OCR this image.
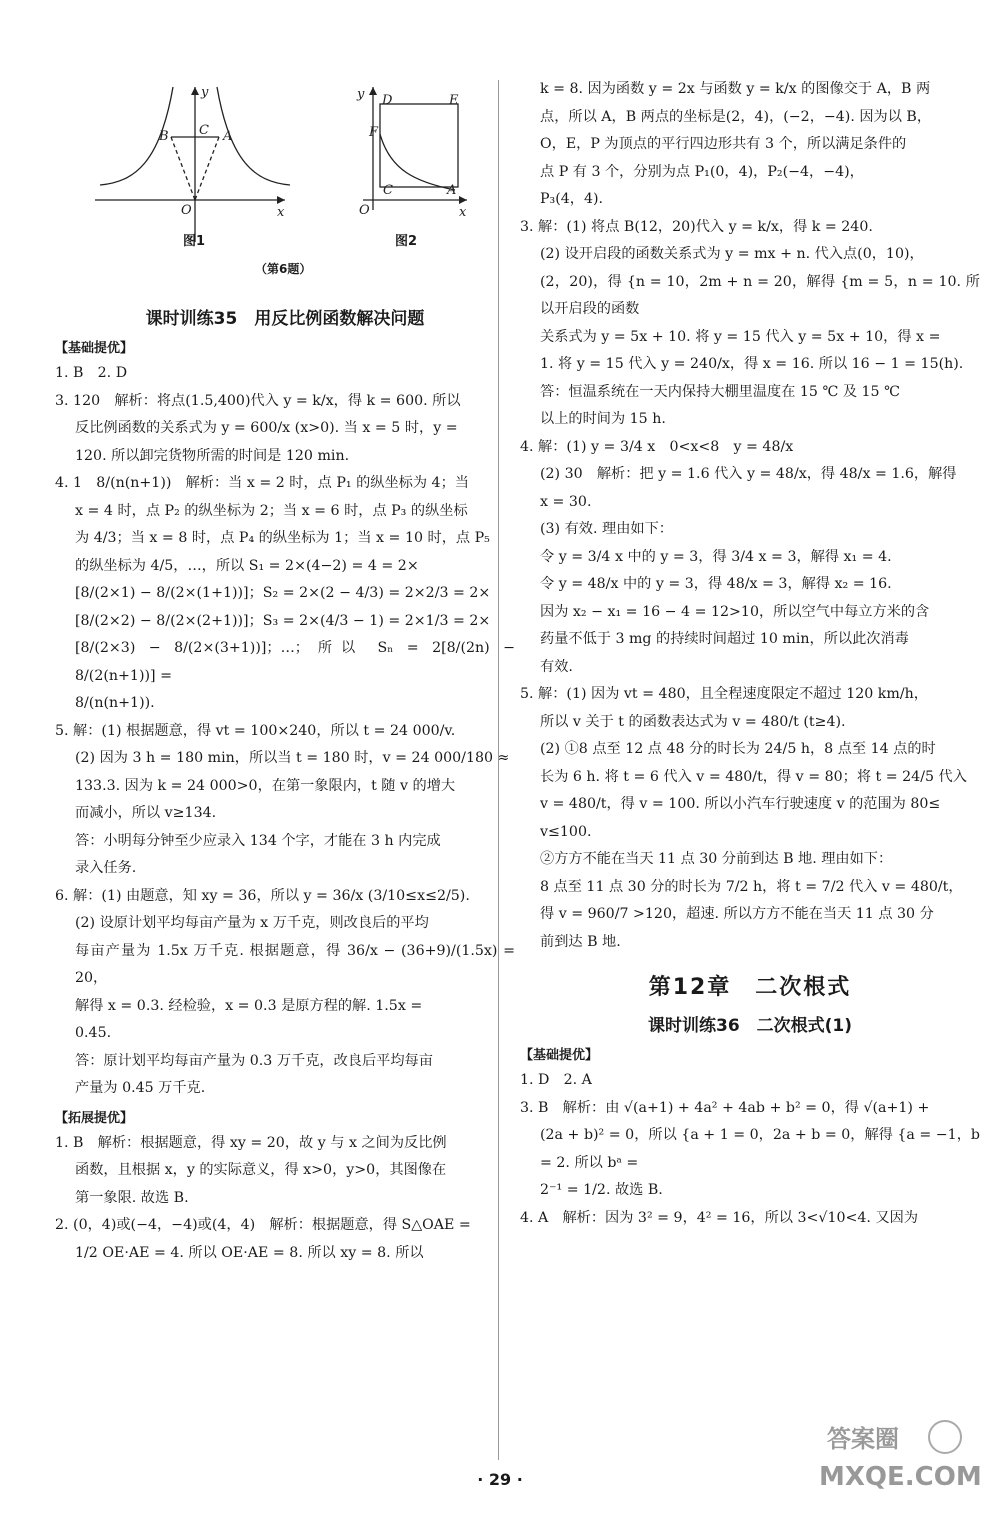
y
x
O
B C A
y
x
O
D	E
F
C	A
图1	图2
（第6题）
课时训练35　用反比例函数解决问题
【基础提优】
1. B　2. D
3. 120　解析：将点(1.5,400)代入 y = k/x，得 k = 600. 所以
反比例函数的关系式为 y = 600/x (x>0). 当 x = 5 时，y =
120. 所以卸完货物所需的时间是 120 min.
4. 1　8/(n(n+1))　解析：当 x = 2 时，点 P₁ 的纵坐标为 4；当
x = 4 时，点 P₂ 的纵坐标为 2；当 x = 6 时，点 P₃ 的纵坐标
为 4/3；当 x = 8 时，点 P₄ 的纵坐标为 1；当 x = 10 时，点 P₅
的纵坐标为 4/5，…，所以 S₁ = 2×(4−2) = 4 = 2×
[8/(2×1) − 8/(2×(1+1))]；S₂ = 2×(2 − 4/3) = 2×2/3 = 2×
[8/(2×2) − 8/(2×(2+1))]；S₃ = 2×(4/3 − 1) = 2×1/3 = 2×
[8/(2×3) − 8/(2×(3+1))]；…；所以 Sₙ = 2[8/(2n) − 8/(2(n+1))] =
8/(n(n+1)).
5. 解：(1) 根据题意，得 vt = 100×240，所以 t = 24 000/v.
(2) 因为 3 h = 180 min，所以当 t = 180 时，v = 24 000/180 ≈
133.3. 因为 k = 24 000>0，在第一象限内，t 随 v 的增大
而减小，所以 v≥134.
答：小明每分钟至少应录入 134 个字，才能在 3 h 内完成
录入任务.
6. 解：(1) 由题意，知 xy = 36，所以 y = 36/x (3/10≤x≤2/5).
(2) 设原计划平均每亩产量为 x 万千克，则改良后的平均
每亩产量为 1.5x 万千克. 根据题意，得 36/x − (36+9)/(1.5x) = 20，
解得 x = 0.3. 经检验，x = 0.3 是原方程的解. 1.5x =
0.45.
答：原计划平均每亩产量为 0.3 万千克，改良后平均每亩
产量为 0.45 万千克.
【拓展提优】
1. B　解析：根据题意，得 xy = 20，故 y 与 x 之间为反比例
函数，且根据 x，y 的实际意义，得 x>0，y>0，其图像在
第一象限. 故选 B.
2. (0，4)或(−4，−4)或(4，4)　解析：根据题意，得 S△OAE =
1/2 OE·AE = 4. 所以 OE·AE = 8. 所以 xy = 8. 所以
k = 8. 因为函数 y = 2x 与函数 y = k/x 的图像交于 A，B 两
点，所以 A，B 两点的坐标是(2，4)，(−2，−4). 因为以 B，
O，E，P 为顶点的平行四边形共有 3 个，所以满足条件的
点 P 有 3 个，分别为点 P₁(0，4)，P₂(−4，−4)，
P₃(4，4).
3. 解：(1) 将点 B(12，20)代入 y = k/x，得 k = 240.
(2) 设开启段的函数关系式为 y = mx + n. 代入点(0，10)，
(2，20)，得 {n = 10，2m + n = 20，解得 {m = 5，n = 10. 所以开启段的函数
关系式为 y = 5x + 10. 将 y = 15 代入 y = 5x + 10，得 x =
1. 将 y = 15 代入 y = 240/x，得 x = 16. 所以 16 − 1 = 15(h).
答：恒温系统在一天内保持大棚里温度在 15 ℃ 及 15 ℃
以上的时间为 15 h.
4. 解：(1) y = 3/4 x　0<x<8　y = 48/x
(2) 30　解析：把 y = 1.6 代入 y = 48/x，得 48/x = 1.6，解得
x = 30.
(3) 有效. 理由如下：
令 y = 3/4 x 中的 y = 3，得 3/4 x = 3，解得 x₁ = 4.
令 y = 48/x 中的 y = 3，得 48/x = 3，解得 x₂ = 16.
因为 x₂ − x₁ = 16 − 4 = 12>10，所以空气中每立方米的含
药量不低于 3 mg 的持续时间超过 10 min，所以此次消毒
有效.
5. 解：(1) 因为 vt = 480，且全程速度限定不超过 120 km/h，
所以 v 关于 t 的函数表达式为 v = 480/t (t≥4).
(2) ①8 点至 12 点 48 分的时长为 24/5 h，8 点至 14 点的时
长为 6 h. 将 t = 6 代入 v = 480/t，得 v = 80；将 t = 24/5 代入
v = 480/t，得 v = 100. 所以小汽车行驶速度 v 的范围为 80≤
v≤100.
②方方不能在当天 11 点 30 分前到达 B 地. 理由如下：
8 点至 11 点 30 分的时长为 7/2 h，将 t = 7/2 代入 v = 480/t，
得 v = 960/7 >120，超速. 所以方方不能在当天 11 点 30 分
前到达 B 地.
第12章　二次根式
课时训练36　二次根式(1)
【基础提优】
1. D　2. A
3. B　解析：由 √(a+1) + 4a² + 4ab + b² = 0，得 √(a+1) +
(2a + b)² = 0，所以 {a + 1 = 0，2a + b = 0，解得 {a = −1，b = 2. 所以 bᵃ =
2⁻¹ = 1/2. 故选 B.
4. A　解析：因为 3² = 9，4² = 16，所以 3<√10<4. 又因为
· 29 ·
答案圈
MXQE.COM
